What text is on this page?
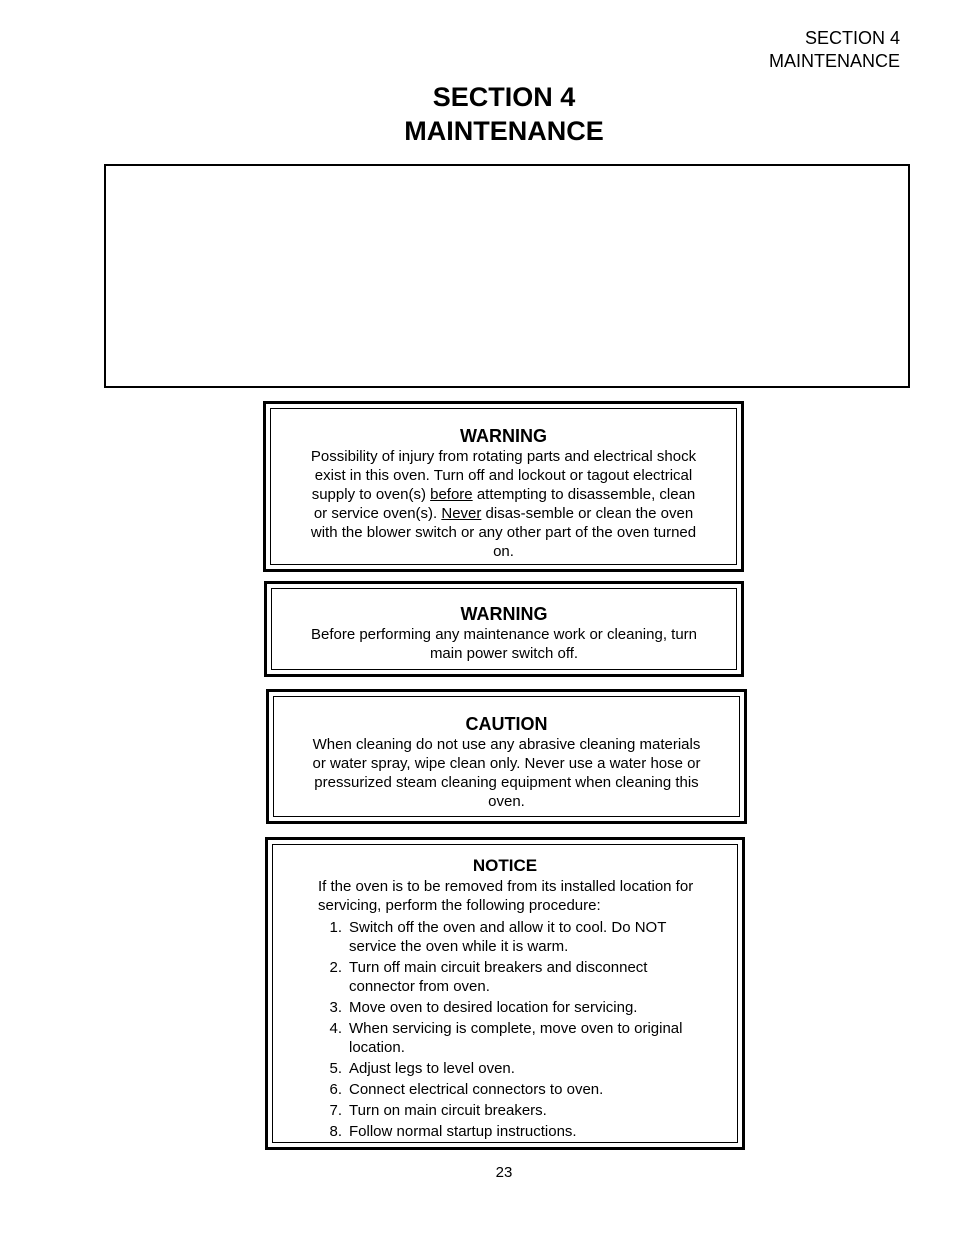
SECTION 4
MAINTENANCE
SECTION 4
MAINTENANCE

WARNING

Possibility of injury from rotating parts and electrical shock exist in this oven. Turn off and lockout or tagout electrical supply to oven(s) before attempting to disassemble, clean or service oven(s). Never disas-semble or clean the oven with the blower switch or any other part of the oven turned on.

WARNING

Before performing any maintenance work or cleaning, turn main power switch off.

CAUTION

When cleaning do not use any abrasive cleaning materials or water spray, wipe clean only. Never use a water hose or pressurized steam cleaning equipment when cleaning this oven.

NOTICE

If the oven is to be removed from its installed location for servicing, perform the following procedure:

1. Switch off the oven and allow it to cool. Do NOT service the oven while it is warm.
2. Turn off main circuit breakers and disconnect connector from oven.
3. Move oven to desired location for servicing.
4. When servicing is complete, move oven to original location.
5. Adjust legs to level oven.
6. Connect electrical connectors to oven.
7. Turn on main circuit breakers.
8. Follow normal startup instructions.
23
